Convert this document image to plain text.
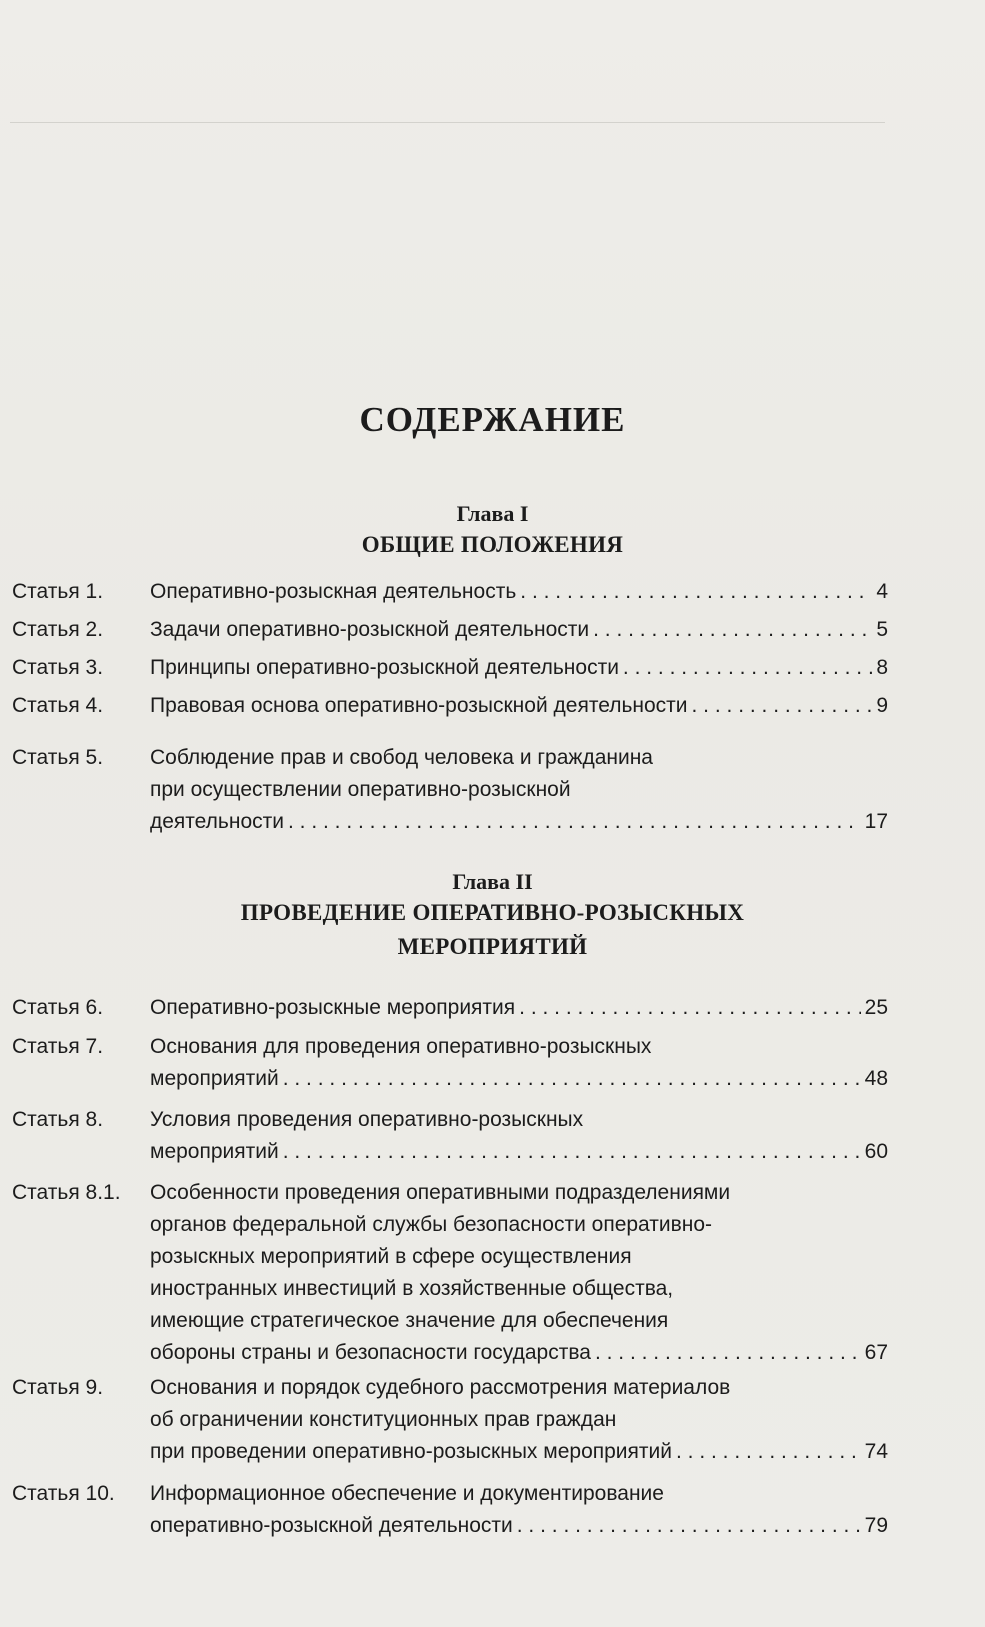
СОДЕРЖАНИЕ
Глава I
ОБЩИЕ ПОЛОЖЕНИЯ
Статья 1. Оперативно-розыскная деятельность . . .	4
Статья 2. Задачи оперативно-розыскной деятельности . . .	5
Статья 3. Принципы оперативно-розыскной деятельности . . .	8
Статья 4. Правовая основа оперативно-розыскной деятельности . . .	9
Статья 5. Соблюдение прав и свобод человека и гражданина
при осуществлении оперативно-розыскной
деятельности . . .	17
Глава II
ПРОВЕДЕНИЕ ОПЕРАТИВНО-РОЗЫСКНЫХ
МЕРОПРИЯТИЙ
Статья 6. Оперативно-розыскные мероприятия . . .	25
Статья 7. Основания для проведения оперативно-розыскных
мероприятий . . .	48
Статья 8. Условия проведения оперативно-розыскных
мероприятий . . .	60
Статья 8.1. Особенности проведения оперативными подразделениями
органов федеральной службы безопасности оперативно-
розыскных мероприятий в сфере осуществления
иностранных инвестиций в хозяйственные общества,
имеющие стратегическое значение для обеспечения
обороны страны и безопасности государства . . .	67
Статья 9. Основания и порядок судебного рассмотрения материалов
об ограничении конституционных прав граждан
при проведении оперативно-розыскных мероприятий . . .	74
Статья 10. Информационное обеспечение и документирование
оперативно-розыскной деятельности . . .	79
